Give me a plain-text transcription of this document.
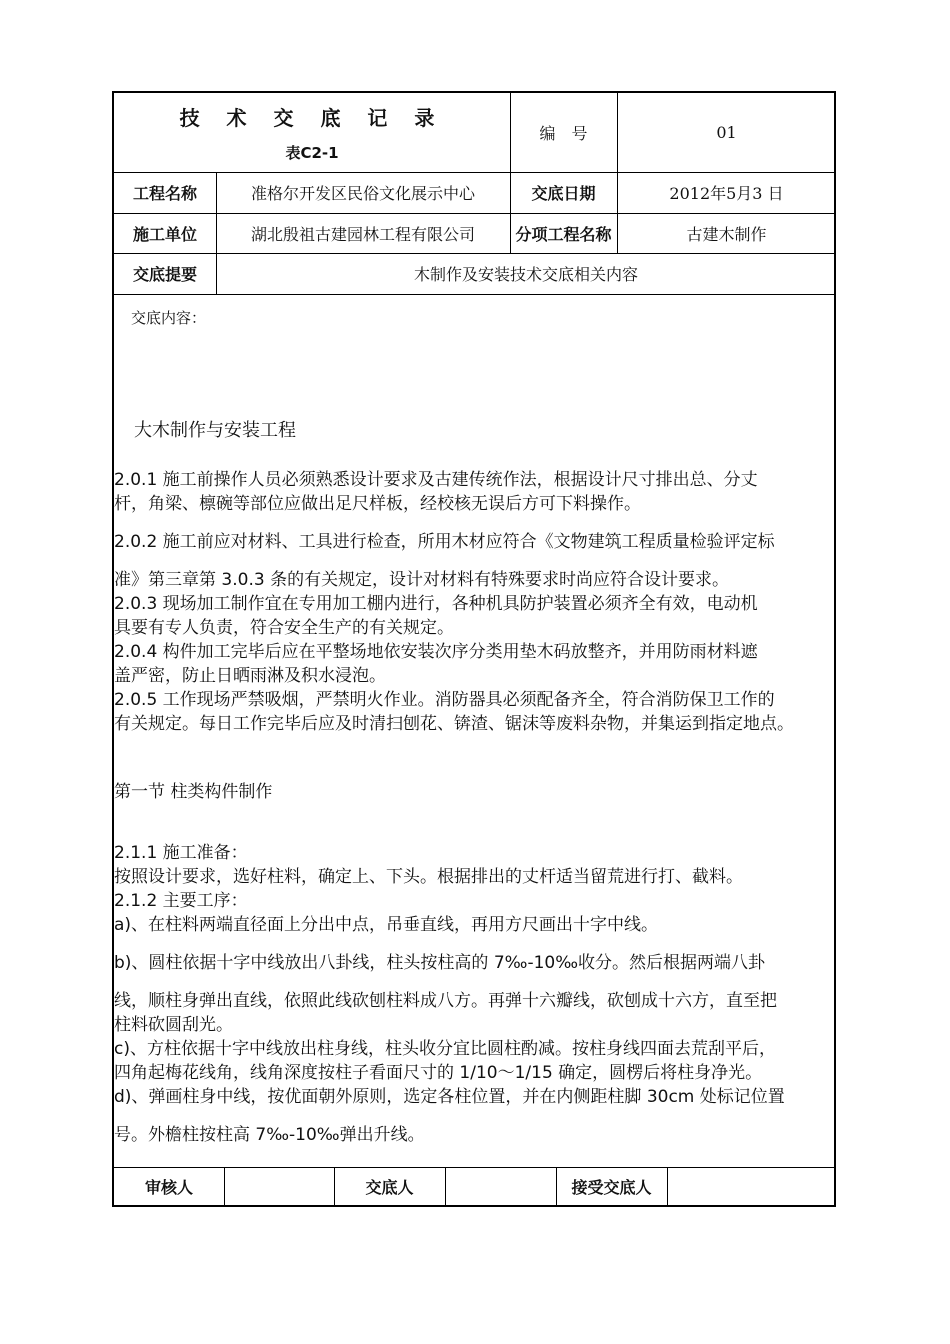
技 术 交 底 记 录
表C2-1
编　号	01
工程名称	准格尔开发区民俗文化展示中心	交底日期	2012年5月3 日
施工单位	湖北殷祖古建园林工程有限公司	分项工程名称	古建木制作
交底提要	木制作及安装技术交底相关内容
交底内容：
大木制作与安装工程

2.0.1 施工前操作人员必须熟悉设计要求及古建传统作法，根据设计尺寸排出总、分丈

杆，角梁、檩碗等部位应做出足尺样板，经校核无误后方可下料操作。

2.0.2 施工前应对材料、工具进行检查，所用木材应符合《文物建筑工程质量检验评定标

准》第三章第 3.0.3 条的有关规定，设计对材料有特殊要求时尚应符合设计要求。

2.0.3 现场加工制作宜在专用加工棚内进行，各种机具防护装置必须齐全有效，电动机

具要有专人负责，符合安全生产的有关规定。

2.0.4 构件加工完毕后应在平整场地依安装次序分类用垫木码放整齐，并用防雨材料遮

盖严密，防止日晒雨淋及积水浸泡。

2.0.5 工作现场严禁吸烟，严禁明火作业。消防器具必须配备齐全，符合消防保卫工作的

有关规定。每日工作完毕后应及时清扫刨花、锛渣、锯沫等废料杂物，并集运到指定地点。

第一节 柱类构件制作

2.1.1 施工准备：

按照设计要求，选好柱料，确定上、下头。根据排出的丈杆适当留荒进行打、截料。

2.1.2 主要工序：

a)、在柱料两端直径面上分出中点，吊垂直线，再用方尺画出十字中线。

b)、圆柱依据十字中线放出八卦线，柱头按柱高的 7‰-10‰收分。然后根据两端八卦

线，顺柱身弹出直线，依照此线砍刨柱料成八方。再弹十六瓣线，砍刨成十六方，直至把

柱料砍圆刮光。

c)、方柱依据十字中线放出柱身线，柱头收分宜比圆柱酌减。按柱身线四面去荒刮平后，

四角起梅花线角，线角深度按柱子看面尺寸的 1/10～1/15 确定，圆楞后将柱身净光。

d)、弹画柱身中线，按优面朝外原则，选定各柱位置，并在内侧距柱脚 30cm 处标记位置

号。外檐柱按柱高 7‰-10‰弹出升线。

审核人	交底人	接受交底人
